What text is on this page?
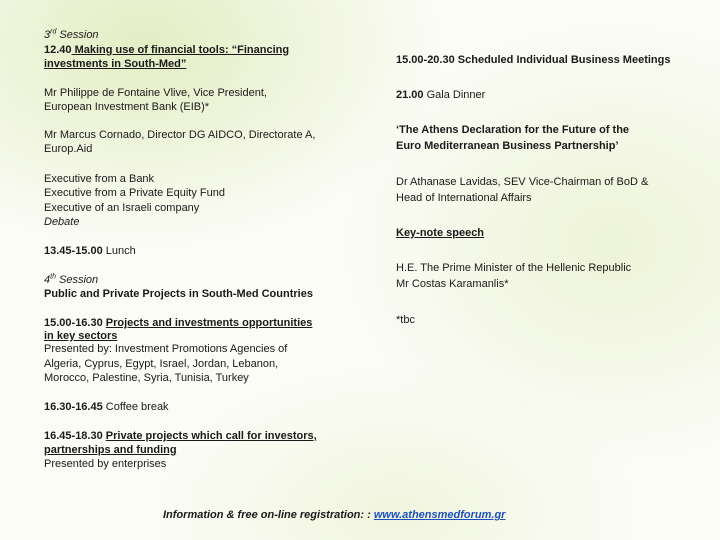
3rd Session
12.40 Making use of financial tools: “Financing
investments in South-Med”
Mr Philippe de Fontaine Vlive, Vice President,
European Investment Bank (EIB)*
Mr Marcus Cornado, Director DG AIDCO, Directorate A,
Europ.Aid
Executive from a Bank
Executive from a Private Equity Fund
Executive of an Israeli company
Debate
13.45-15.00 Lunch
4th Session
Public and Private Projects in South-Med Countries
15.00-16.30 Projects and investments opportunities
in key sectors
Presented by: Investment Promotions Agencies of
Algeria, Cyprus, Egypt, Israel, Jordan, Lebanon,
Morocco, Palestine, Syria, Tunisia, Turkey
16.30-16.45 Coffee break
16.45-18.30 Private projects which call for investors,
partnerships and funding
Presented by enterprises
15.00-20.30 Scheduled Individual Business Meetings
21.00 Gala Dinner
‘The Athens Declaration for the Future of the
Euro Mediterranean Business Partnership’
Dr Athanase Lavidas, SEV Vice-Chairman of BoD &
Head of International Affairs
Key-note speech
H.E. The Prime Minister of the Hellenic Republic
Mr Costas Karamanlis*
*tbc
Information & free on-line registration: : www.athensmedforum.gr
